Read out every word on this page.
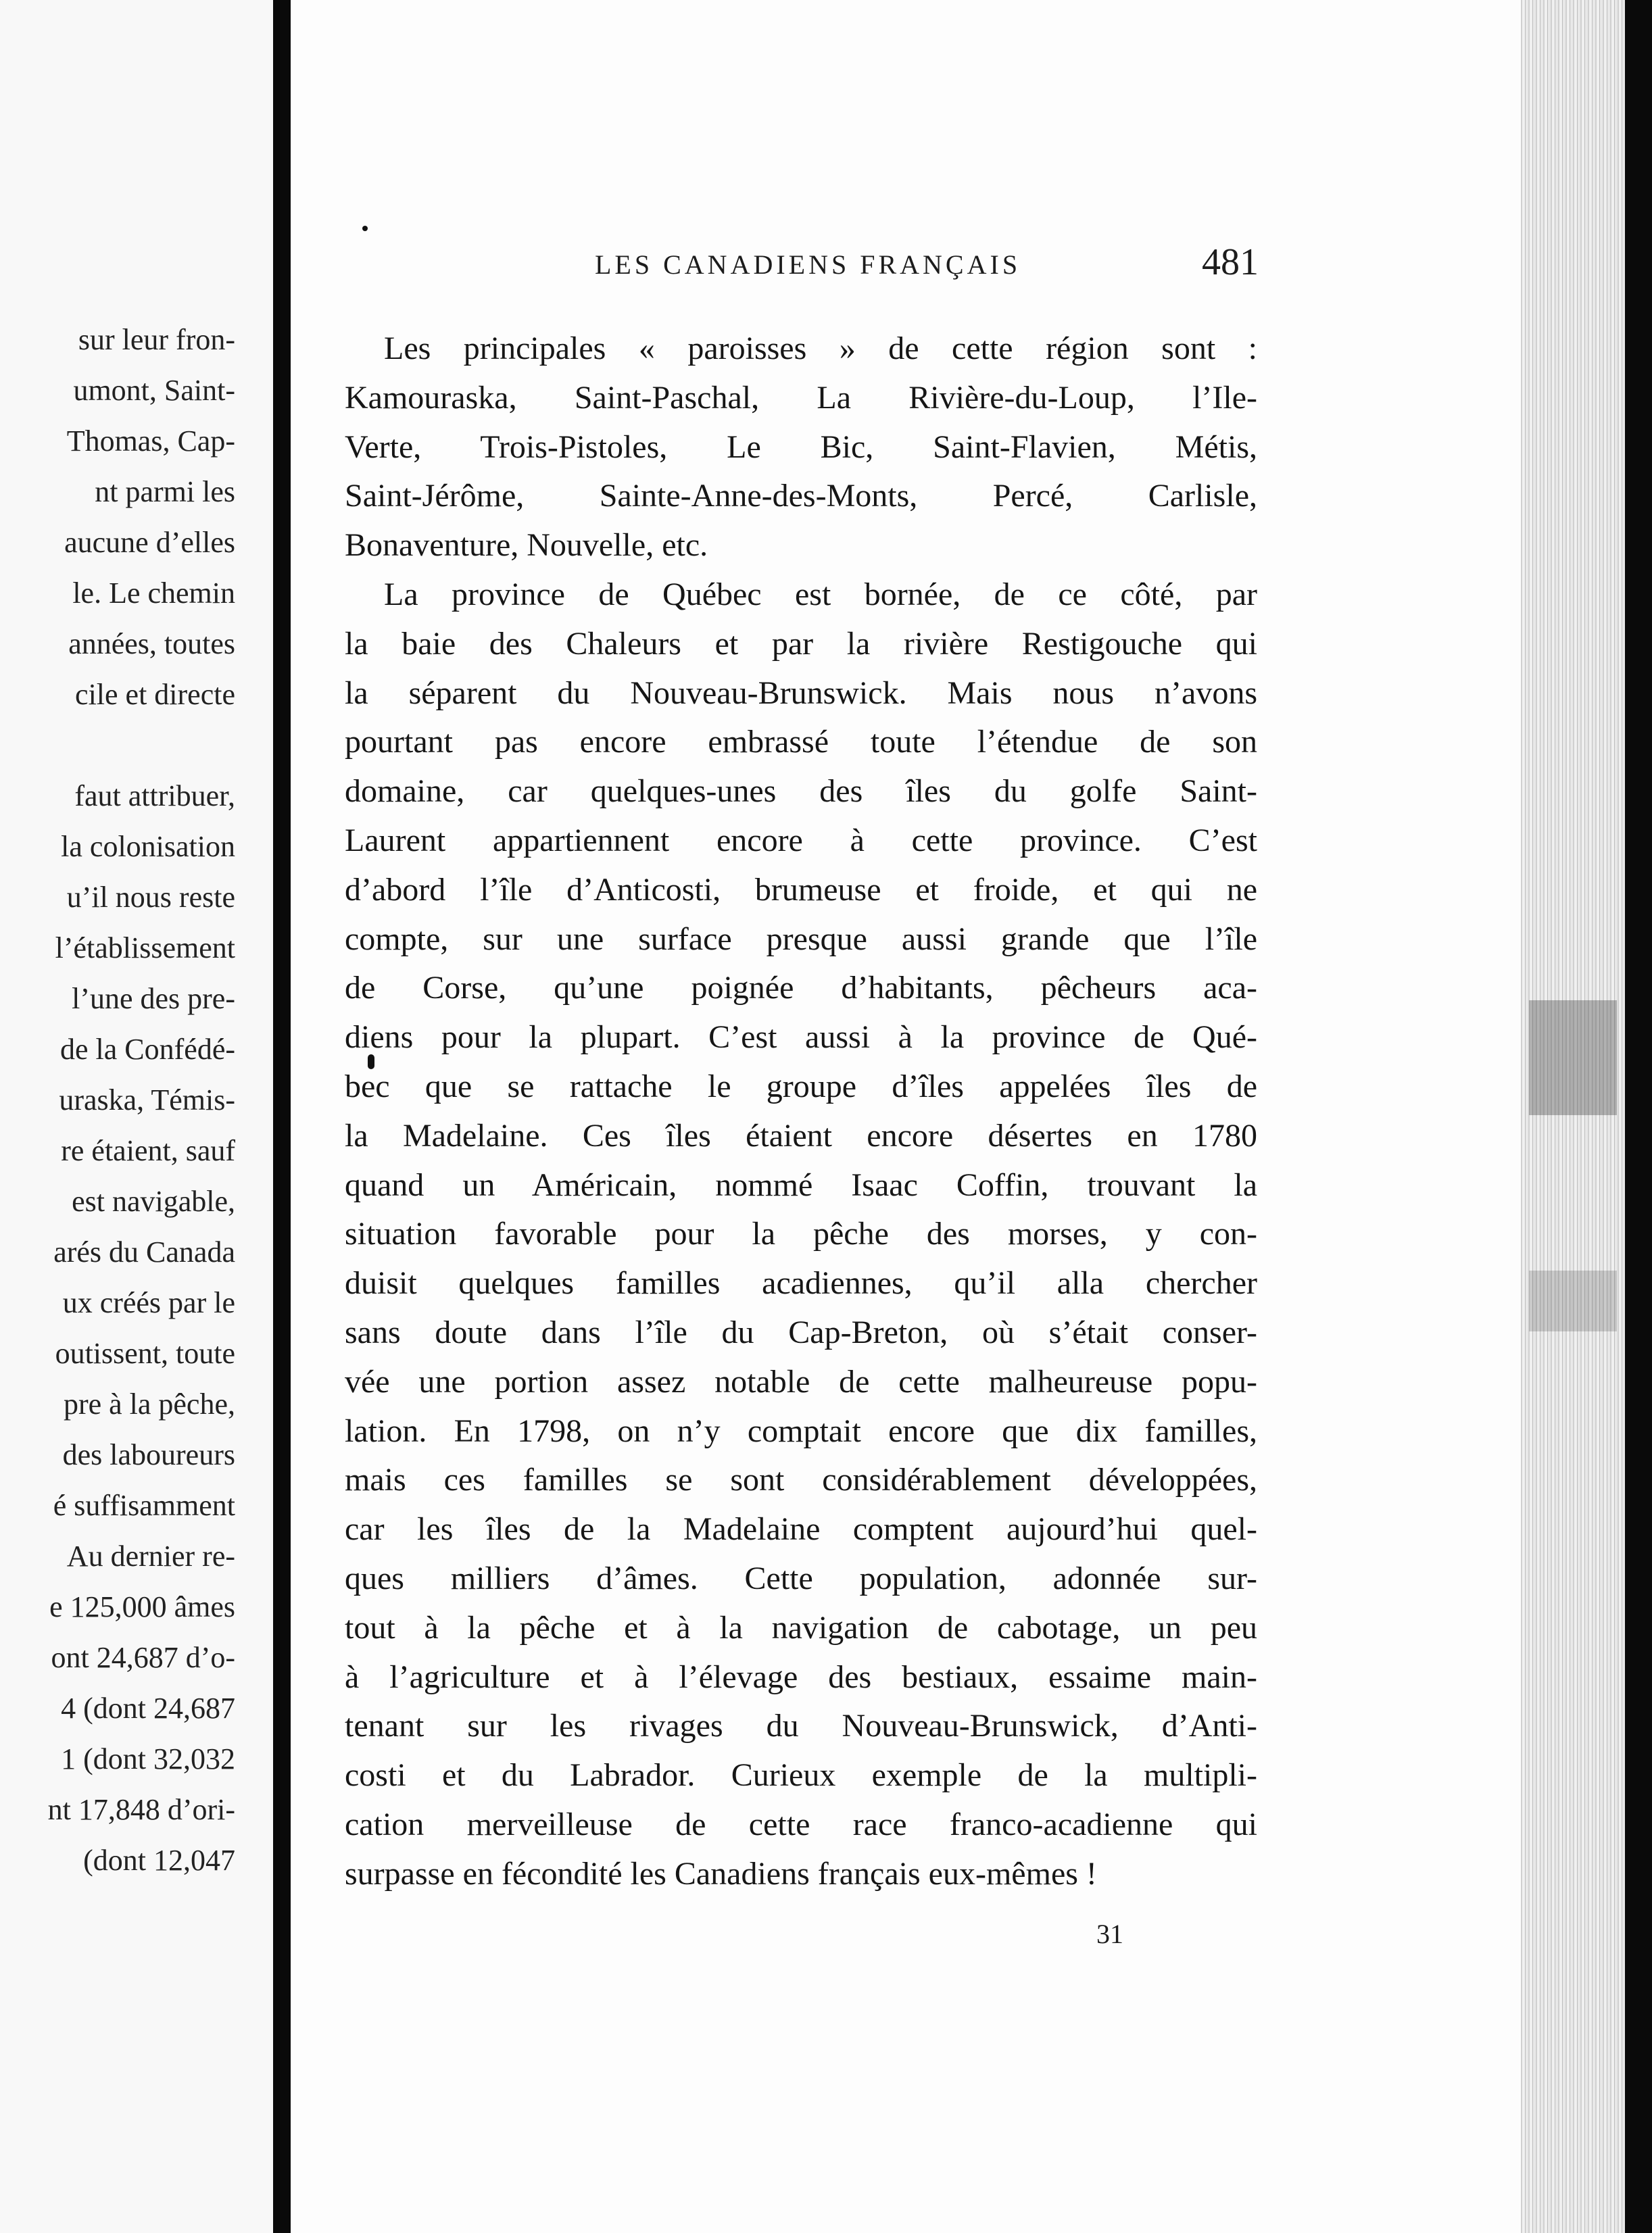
sur leur fron-
umont, Saint-
Thomas, Cap-
nt parmi les
aucune d’elles
le. Le chemin
années, toutes
cile et directe
faut attribuer,
la colonisation
u’il nous reste
l’établissement
l’une des pre-
de la Confédé-
uraska, Témis-
re étaient, sauf
est navigable,
arés du Canada
ux créés par le
outissent, toute
pre à la pêche,
des laboureurs
é suffisamment
Au dernier re-
e 125,000 âmes
ont 24,687 d’o-
4 (dont 24,687
1 (dont 32,032
nt 17,848 d’ori-
(dont 12,047
LES CANADIENS FRANÇAIS	481
Les principales « paroisses » de cette région sont :
Kamouraska, Saint-Paschal, La Rivière-du-Loup, l’Ile-
Verte, Trois-Pistoles, Le Bic, Saint-Flavien, Métis,
Saint-Jérôme, Sainte-Anne-des-Monts, Percé, Carlisle,
Bonaventure, Nouvelle, etc.
La province de Québec est bornée, de ce côté, par
la baie des Chaleurs et par la rivière Restigouche qui
la séparent du Nouveau-Brunswick. Mais nous n’avons
pourtant pas encore embrassé toute l’étendue de son
domaine, car quelques-unes des îles du golfe Saint-
Laurent appartiennent encore à cette province. C’est
d’abord l’île d’Anticosti, brumeuse et froide, et qui ne
compte, sur une surface presque aussi grande que l’île
de Corse, qu’une poignée d’habitants, pêcheurs aca-
diens pour la plupart. C’est aussi à la province de Qué-
bec que se rattache le groupe d’îles appelées îles de
la Madelaine. Ces îles étaient encore désertes en 1780
quand un Américain, nommé Isaac Coffin, trouvant la
situation favorable pour la pêche des morses, y con-
duisit quelques familles acadiennes, qu’il alla chercher
sans doute dans l’île du Cap-Breton, où s’était conser-
vée une portion assez notable de cette malheureuse popu-
lation. En 1798, on n’y comptait encore que dix familles,
mais ces familles se sont considérablement développées,
car les îles de la Madelaine comptent aujourd’hui quel-
ques milliers d’âmes. Cette population, adonnée sur-
tout à la pêche et à la navigation de cabotage, un peu
à l’agriculture et à l’élevage des bestiaux, essaime main-
tenant sur les rivages du Nouveau-Brunswick, d’Anti-
costi et du Labrador. Curieux exemple de la multipli-
cation merveilleuse de cette race franco-acadienne qui
surpasse en fécondité les Canadiens français eux-mêmes !
31
